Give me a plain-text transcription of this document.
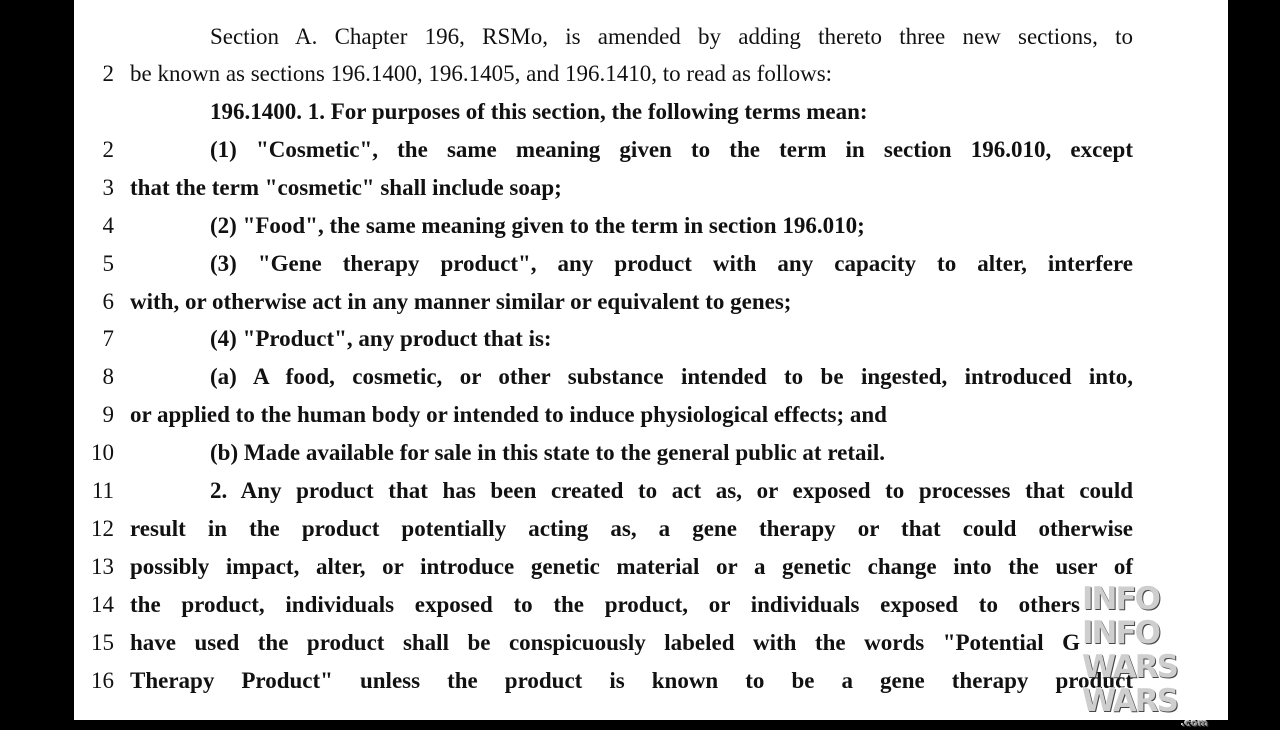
Section A. Chapter 196, RSMo, is amended by adding thereto three new sections, to
2 be known as sections 196.1400, 196.1405, and 196.1410, to read as follows:
196.1400. 1. For purposes of this section, the following terms mean:
2	(1) "Cosmetic", the same meaning given to the term in section 196.010, except
3 that the term "cosmetic" shall include soap;
4	(2) "Food", the same meaning given to the term in section 196.010;
5	(3) "Gene therapy product", any product with any capacity to alter, interfere
6 with, or otherwise act in any manner similar or equivalent to genes;
7	(4) "Product", any product that is:
8	(a) A food, cosmetic, or other substance intended to be ingested, introduced into,
9 or applied to the human body or intended to induce physiological effects; and
10	(b) Made available for sale in this state to the general public at retail.
11	2. Any product that has been created to act as, or exposed to processes that could
12 result in the product potentially acting as, a gene therapy or that could otherwise
13 possibly impact, alter, or introduce genetic material or a genetic change into the user of
14 the product, individuals exposed to the product, or individuals exposed to others
15 have used the product shall be conspicuously labeled with the words "Potential G
16 Therapy Product" unless the product is known to be a gene therapy product
INFO INFO
WARS WARS
.com
